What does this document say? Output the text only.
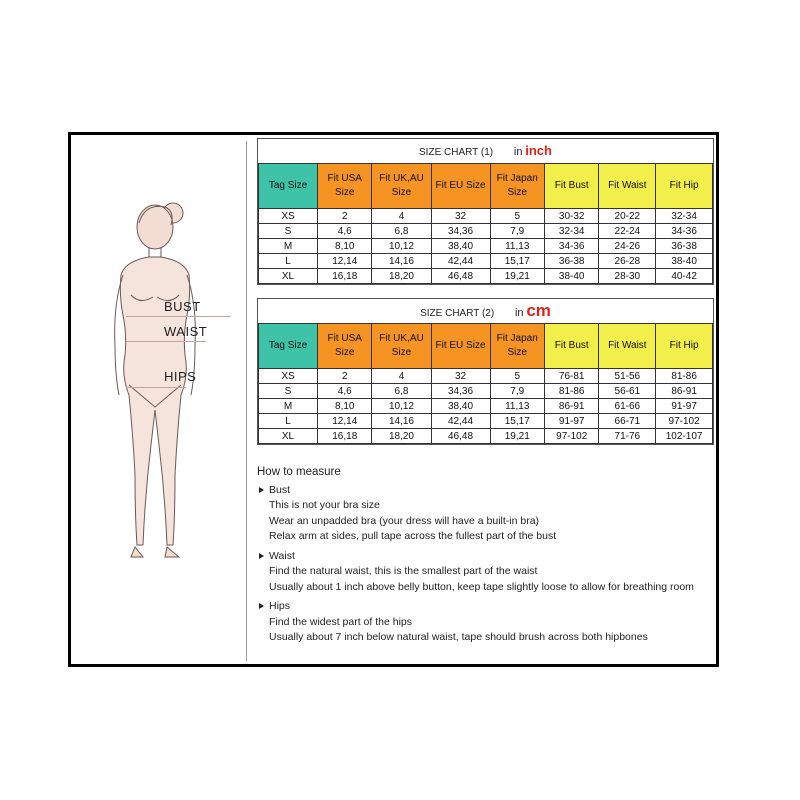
BUST
WAIST
HIPS
SIZE CHART (1) in inch
Tag Size	Fit USA Size	Fit UK,AU Size	Fit EU Size	Fit Japan Size	Fit Bust	Fit Waist	Fit Hip
XS	2	4	32	5	30-32	20-22	32-34
S	4,6	6,8	34,36	7,9	32-34	22-24	34-36
M	8,10	10,12	38,40	11,13	34-36	24-26	36-38
L	12,14	14,16	42,44	15,17	36-38	26-28	38-40
XL	16,18	18,20	46,48	19,21	38-40	28-30	40-42
SIZE CHART (2) in cm
Tag Size	Fit USA Size	Fit UK,AU Size	Fit EU Size	Fit Japan Size	Fit Bust	Fit Waist	Fit Hip
XS	2	4	32	5	76-81	51-56	81-86
S	4,6	6,8	34,36	7,9	81-86	56-61	86-91
M	8,10	10,12	38,40	11,13	86-91	61-66	91-97
L	12,14	14,16	42,44	15,17	91-97	66-71	97-102
XL	16,18	18,20	46,48	19,21	97-102	71-76	102-107
How to measure
Bust
This is not your bra size
Wear an unpadded bra (your dress will have a built-in bra)
Relax arm at sides, pull tape across the fullest part of the bust
Waist
Find the natural waist, this is the smallest part of the waist
Usually about 1 inch above belly button, keep tape slightly loose to allow for breathing room
Hips
Find the widest part of the hips
Usually about 7 inch below natural waist, tape should brush across both hipbones
